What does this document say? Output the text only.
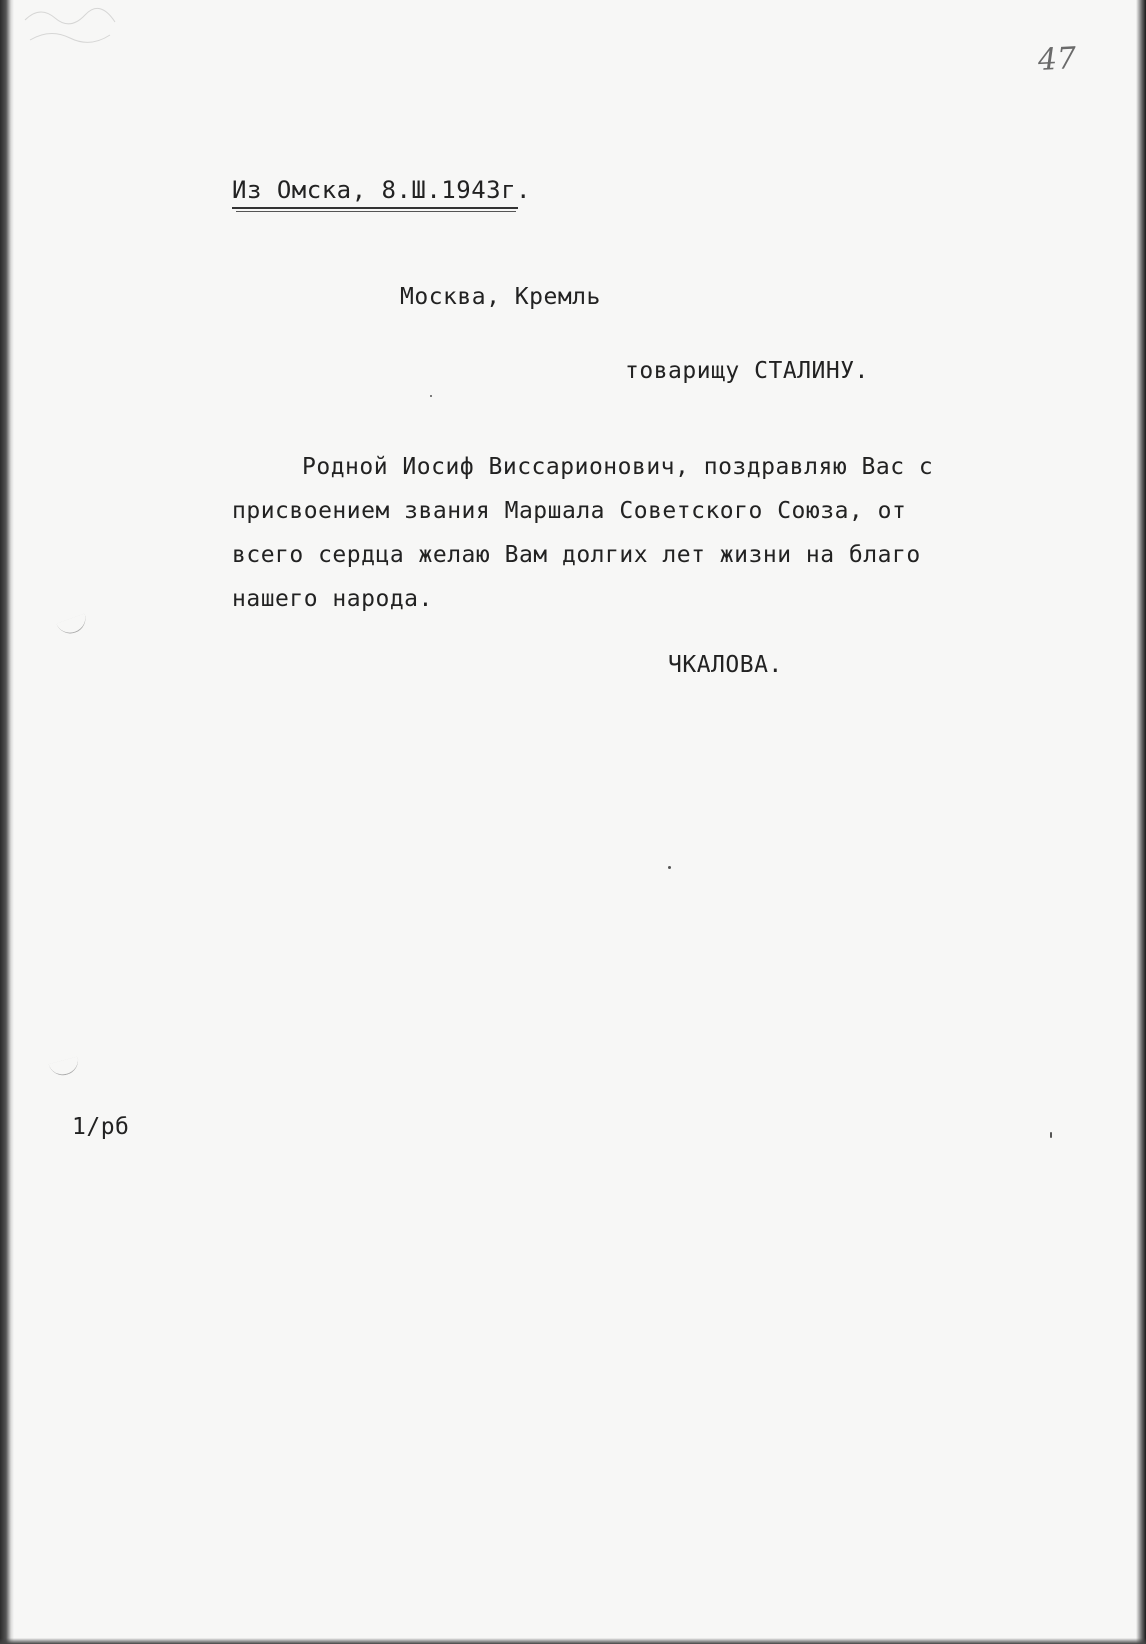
47
Из Омска, 8.Ш.1943г.
Москва, Кремль
товарищу СТАЛИНУ.
Родной Иосиф Виссарионович, поздравляю Вас с
присвоением звания Маршала Советского Союза, от
всего сердца желаю Вам долгих лет жизни на благо
нашего народа.
ЧКАЛОВА.
1/рб
